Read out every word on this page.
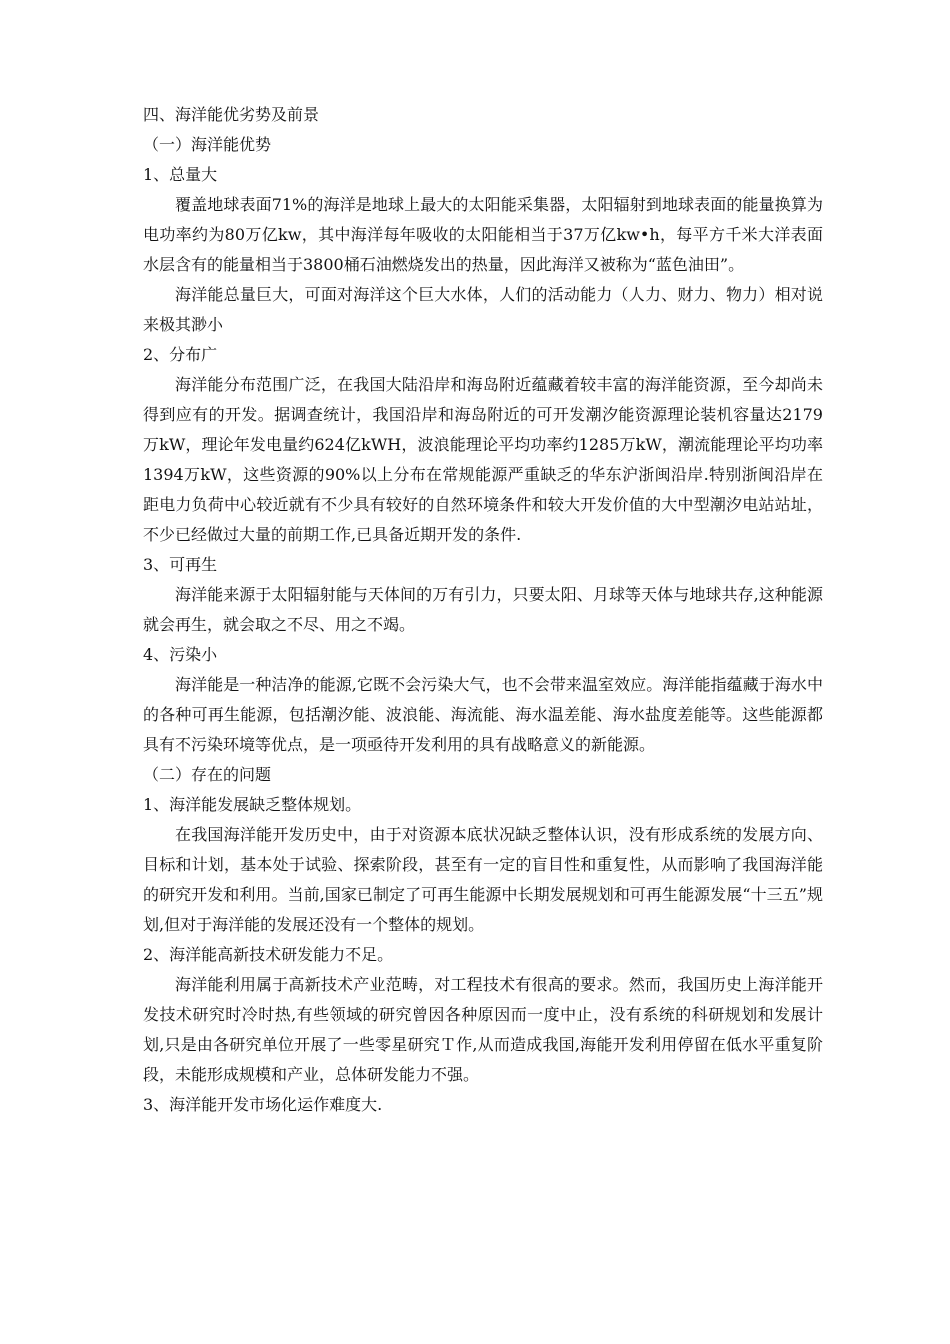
四、海洋能优劣势及前景

（一）海洋能优势

1、总量大

覆盖地球表面71%的海洋是地球上最大的太阳能采集器，太阳辐射到地球表面的能量换算为电功率约为80万亿kw，其中海洋每年吸收的太阳能相当于37万亿kw•h，每平方千米大洋表面水层含有的能量相当于3800桶石油燃烧发出的热量，因此海洋又被称为“蓝色油田”。

海洋能总量巨大，可面对海洋这个巨大水体，人们的活动能力（人力、财力、物力）相对说来极其渺小

2、分布广

海洋能分布范围广泛，在我国大陆沿岸和海岛附近蕴藏着较丰富的海洋能资源，至今却尚未得到应有的开发。据调查统计，我国沿岸和海岛附近的可开发潮汐能资源理论装机容量达2179万kW，理论年发电量约624亿kWH，波浪能理论平均功率约1285万kW，潮流能理论平均功率1394万kW，这些资源的90%以上分布在常规能源严重缺乏的华东沪浙闽沿岸.特别浙闽沿岸在距电力负荷中心较近就有不少具有较好的自然环境条件和较大开发价值的大中型潮汐电站站址，不少已经做过大量的前期工作,已具备近期开发的条件.

3、可再生

海洋能来源于太阳辐射能与天体间的万有引力，只要太阳、月球等天体与地球共存,这种能源就会再生，就会取之不尽、用之不竭。

4、污染小

海洋能是一种洁净的能源,它既不会污染大气，也不会带来温室效应。海洋能指蕴藏于海水中的各种可再生能源，包括潮汐能、波浪能、海流能、海水温差能、海水盐度差能等。这些能源都具有不污染环境等优点，是一项亟待开发利用的具有战略意义的新能源。

（二）存在的问题

1、海洋能发展缺乏整体规划。

在我国海洋能开发历史中，由于对资源本底状况缺乏整体认识，没有形成系统的发展方向、目标和计划，基本处于试验、探索阶段，甚至有一定的盲目性和重复性，从而影响了我国海洋能的研究开发和利用。当前,国家已制定了可再生能源中长期发展规划和可再生能源发展“十三五”规划,但对于海洋能的发展还没有一个整体的规划。

2、海洋能高新技术研发能力不足。

海洋能利用属于高新技术产业范畴，对工程技术有很高的要求。然而，我国历史上海洋能开发技术研究时冷时热,有些领域的研究曾因各种原因而一度中止，没有系统的科研规划和发展计划,只是由各研究单位开展了一些零星研究Ｔ作,从而造成我国,海能开发利用停留在低水平重复阶段，未能形成规模和产业，总体研发能力不强。

3、海洋能开发市场化运作难度大.
